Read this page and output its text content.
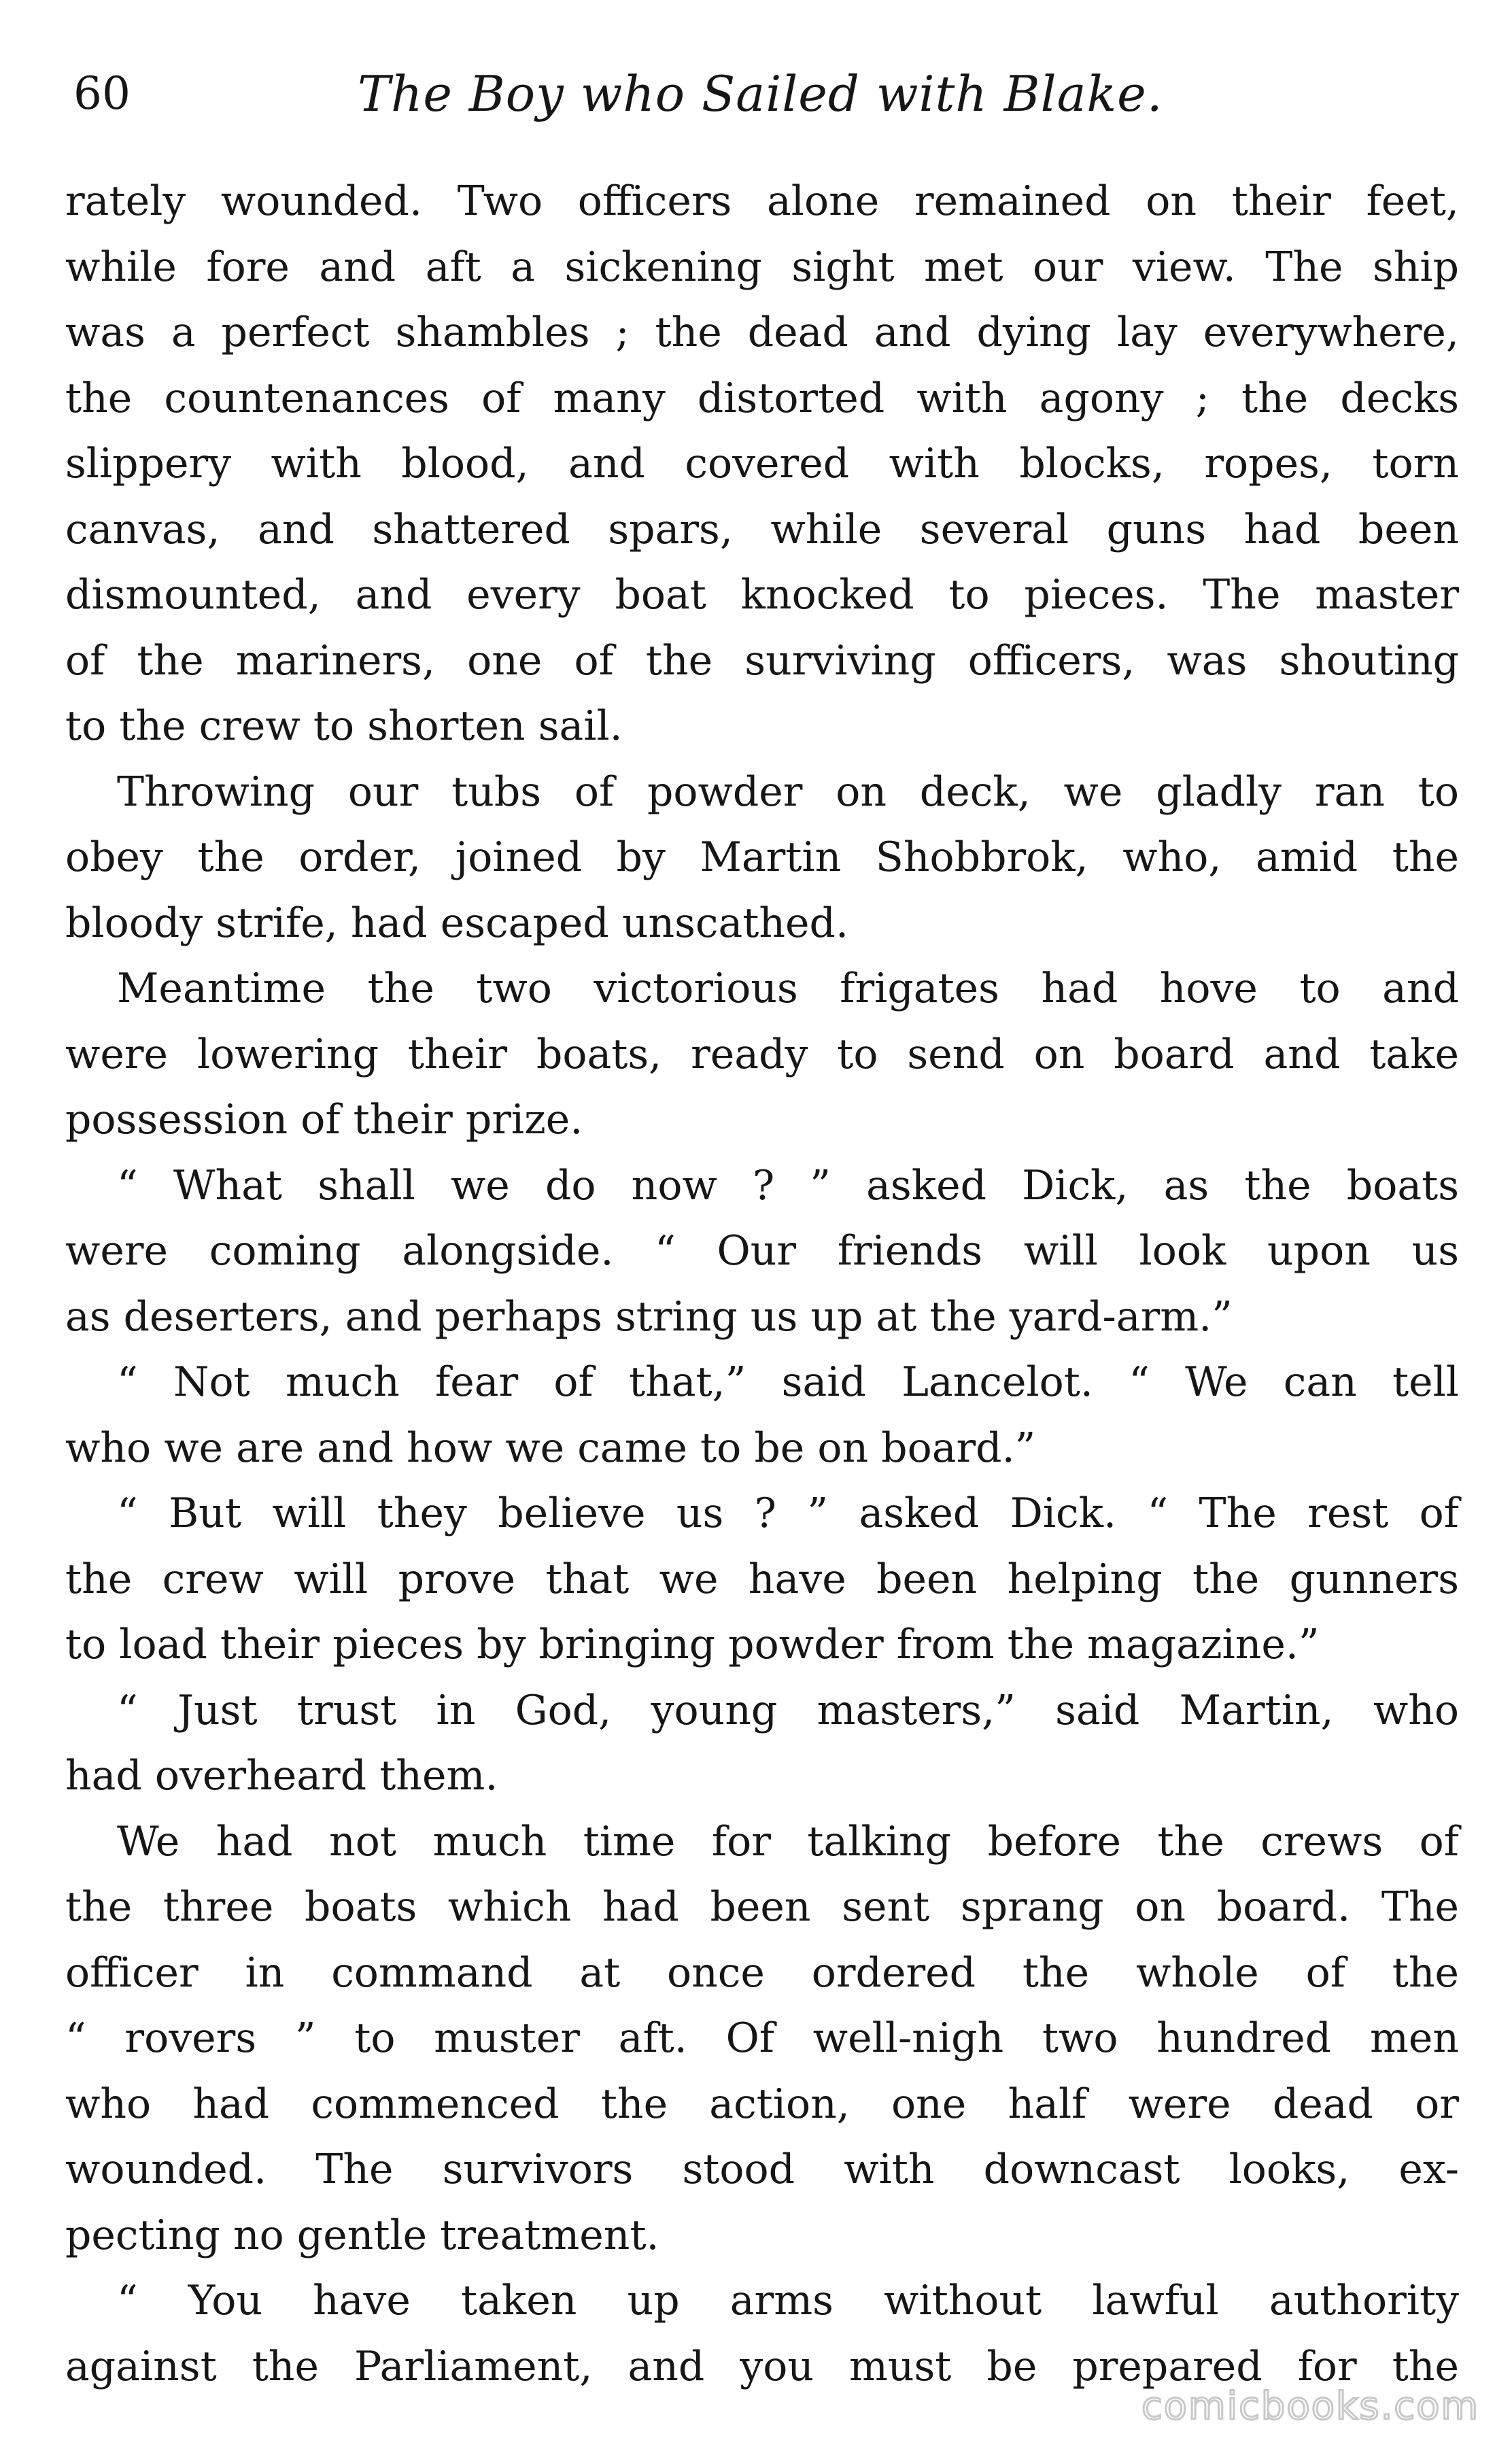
60	The Boy who Sailed with Blake.
rately wounded. Two officers alone remained on their feet,
while fore and aft a sickening sight met our view. The ship
was a perfect shambles ; the dead and dying lay everywhere,
the countenances of many distorted with agony ; the decks
slippery with blood, and covered with blocks, ropes, torn
canvas, and shattered spars, while several guns had been
dismounted, and every boat knocked to pieces. The master
of the mariners, one of the surviving officers, was shouting
to the crew to shorten sail.
Throwing our tubs of powder on deck, we gladly ran to
obey the order, joined by Martin Shobbrok, who, amid the
bloody strife, had escaped unscathed.
Meantime the two victorious frigates had hove to and
were lowering their boats, ready to send on board and take
possession of their prize.
“ What shall we do now ? ” asked Dick, as the boats
were coming alongside. “ Our friends will look upon us
as deserters, and perhaps string us up at the yard-arm.”
“ Not much fear of that,” said Lancelot. “ We can tell
who we are and how we came to be on board.”
“ But will they believe us ? ” asked Dick. “ The rest of
the crew will prove that we have been helping the gunners
to load their pieces by bringing powder from the magazine.”
“ Just trust in God, young masters,” said Martin, who
had overheard them.
We had not much time for talking before the crews of
the three boats which had been sent sprang on board. The
officer in command at once ordered the whole of the
“ rovers ” to muster aft. Of well-nigh two hundred men
who had commenced the action, one half were dead or
wounded. The survivors stood with downcast looks, ex-
pecting no gentle treatment.
“ You have taken up arms without lawful authority
against the Parliament, and you must be prepared for the
comicbooks.com
